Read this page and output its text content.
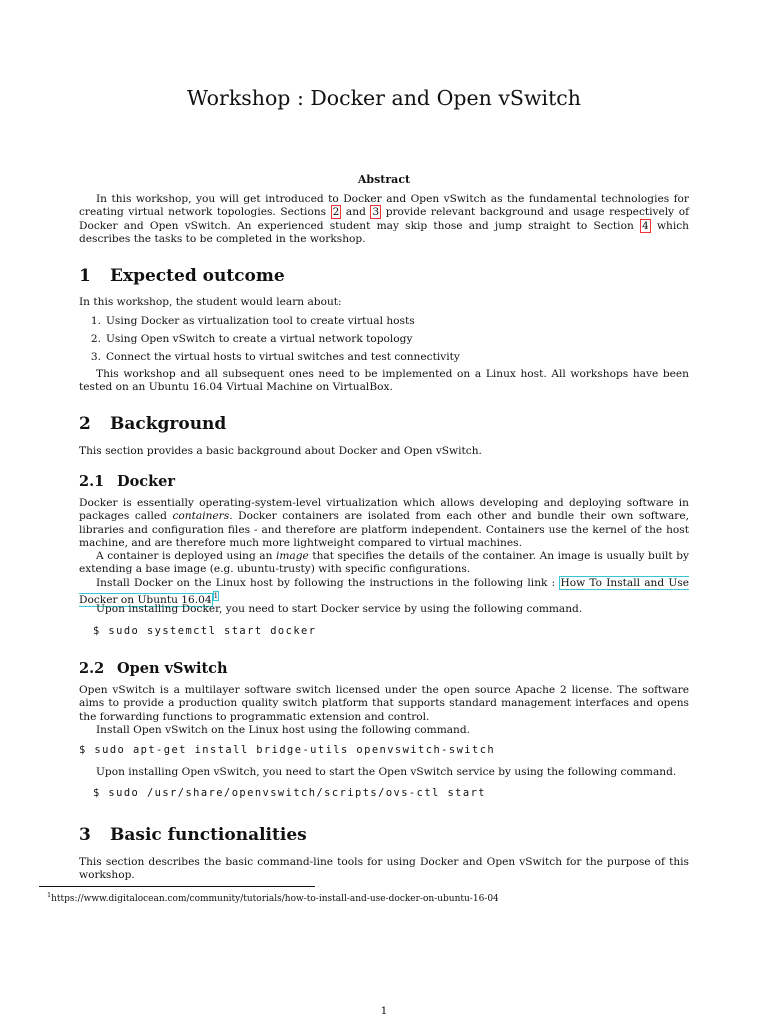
Workshop : Docker and Open vSwitch
Abstract

In this workshop, you will get introduced to Docker and Open vSwitch as the fundamental technologies for creating virtual network topologies. Sections 2 and 3 provide relevant background and usage respectively of Docker and Open vSwitch. An experienced student may skip those and jump straight to Section 4 which describes the tasks to be completed in the workshop.

1 Expected outcome

In this workshop, the student would learn about:

1. Using Docker as virtualization tool to create virtual hosts
2. Using Open vSwitch to create a virtual network topology
3. Connect the virtual hosts to virtual switches and test connectivity

This workshop and all subsequent ones need to be implemented on a Linux host. All workshops have been tested on an Ubuntu 16.04 Virtual Machine on VirtualBox.

2 Background

This section provides a basic background about Docker and Open vSwitch.

2.1 Docker

Docker is essentially operating-system-level virtualization which allows developing and deploying software in packages called containers. Docker containers are isolated from each other and bundle their own software, libraries and configuration files - and therefore are platform independent. Containers use the kernel of the host machine, and are therefore much more lightweight compared to virtual machines.

A container is deployed using an image that specifies the details of the container. An image is usually built by extending a base image (e.g. ubuntu-trusty) with specific configurations.

Install Docker on the Linux host by following the instructions in the following link : How To Install and Use Docker on Ubuntu 16.04 $^1$

Upon installing Docker, you need to start Docker service by using the following command.

$ sudo systemctl start docker
2.2 Open vSwitch

Open vSwitch is a multilayer software switch licensed under the open source Apache 2 license. The software aims to provide a production quality switch platform that supports standard management interfaces and opens the forwarding functions to programmatic extension and control.

Install Open vSwitch on the Linux host using the following command.

$ sudo apt-get install bridge-utils openvswitch-switch

Upon installing Open vSwitch, you need to start the Open vSwitch service by using the following command.

$ sudo /usr/share/openvswitch/scripts/ovs-ctl start
3 Basic functionalities

This section describes the basic command-line tools for using Docker and Open vSwitch for the purpose of this workshop.

$^1$https://www.digitalocean.com/community/tutorials/how-to-install-and-use-docker-on-ubuntu-16-04
1
